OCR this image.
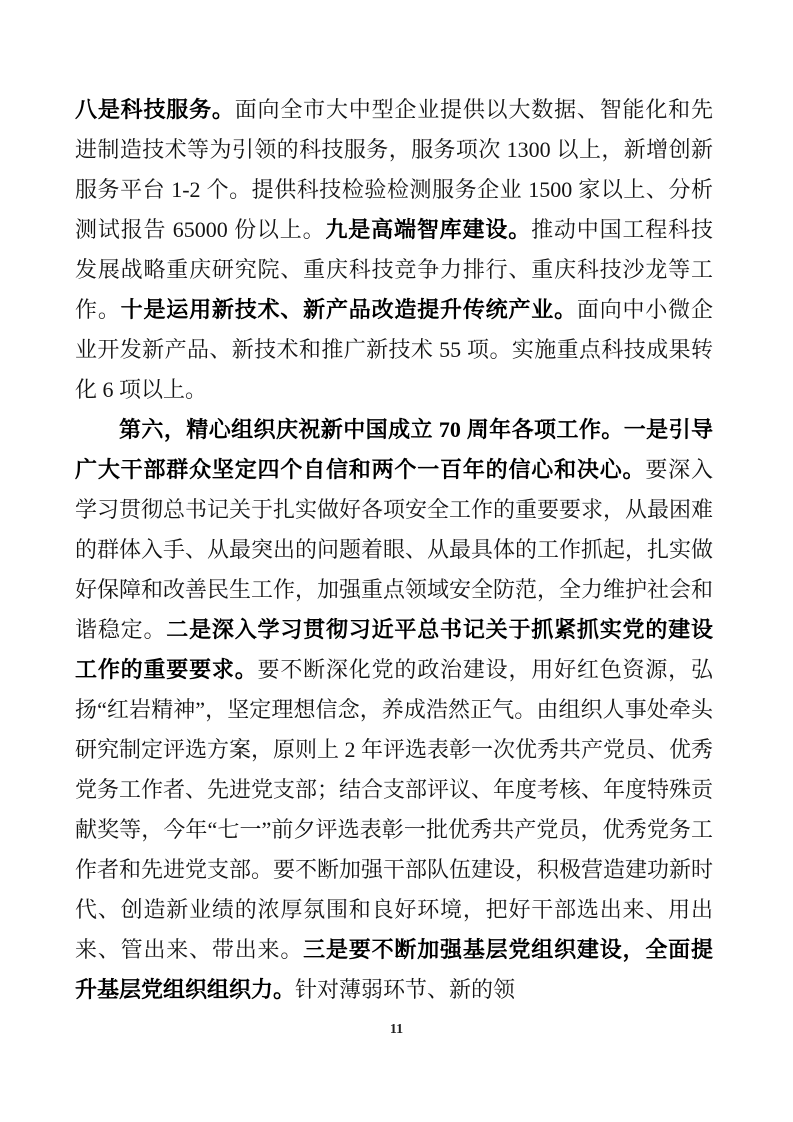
八是科技服务。面向全市大中型企业提供以大数据、智能化和先进制造技术等为引领的科技服务，服务项次 1300 以上，新增创新服务平台 1-2 个。提供科技检验检测服务企业 1500 家以上、分析测试报告 65000 份以上。九是高端智库建设。推动中国工程科技发展战略重庆研究院、重庆科技竞争力排行、重庆科技沙龙等工作。十是运用新技术、新产品改造提升传统产业。面向中小微企业开发新产品、新技术和推广新技术 55 项。实施重点科技成果转化 6 项以上。

第六，精心组织庆祝新中国成立 70 周年各项工作。一是引导广大干部群众坚定四个自信和两个一百年的信心和决心。要深入学习贯彻总书记关于扎实做好各项安全工作的重要要求，从最困难的群体入手、从最突出的问题着眼、从最具体的工作抓起，扎实做好保障和改善民生工作，加强重点领域安全防范，全力维护社会和谐稳定。二是深入学习贯彻习近平总书记关于抓紧抓实党的建设工作的重要要求。要不断深化党的政治建设，用好红色资源，弘扬“红岩精神”，坚定理想信念，养成浩然正气。由组织人事处牵头研究制定评选方案，原则上 2 年评选表彰一次优秀共产党员、优秀党务工作者、先进党支部；结合支部评议、年度考核、年度特殊贡献奖等，今年“七一”前夕评选表彰一批优秀共产党员，优秀党务工作者和先进党支部。要不断加强干部队伍建设，积极营造建功新时代、创造新业绩的浓厚氛围和良好环境，把好干部选出来、用出来、管出来、带出来。三是要不断加强基层党组织建设，全面提升基层党组织组织力。针对薄弱环节、新的领

11
